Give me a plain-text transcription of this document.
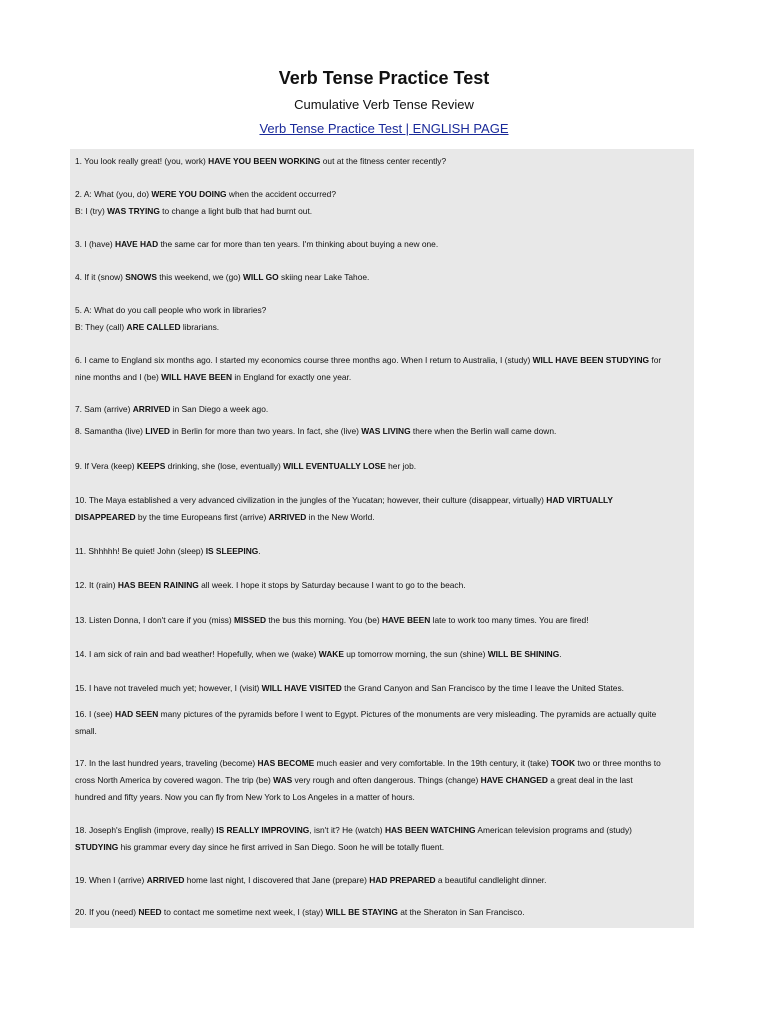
Verb Tense Practice Test

Cumulative Verb Tense Review

Verb Tense Practice Test | ENGLISH PAGE

1. You look really great! (you, work) HAVE YOU BEEN WORKING out at the fitness center recently?

2. A: What (you, do) WERE YOU DOING when the accident occurred?
B: I (try) WAS TRYING to change a light bulb that had burnt out.

3. I (have) HAVE HAD the same car for more than ten years. I'm thinking about buying a new one.

4. If it (snow) SNOWS this weekend, we (go) WILL GO skiing near Lake Tahoe.

5. A: What do you call people who work in libraries?
B: They (call) ARE CALLED librarians.

6. I came to England six months ago. I started my economics course three months ago. When I return to Australia, I (study) WILL HAVE BEEN STUDYING for
nine months and I (be) WILL HAVE BEEN in England for exactly one year.

7. Sam (arrive) ARRIVED in San Diego a week ago.

8. Samantha (live) LIVED in Berlin for more than two years. In fact, she (live) WAS LIVING there when the Berlin wall came down.

9. If Vera (keep) KEEPS drinking, she (lose, eventually) WILL EVENTUALLY LOSE her job.

10. The Maya established a very advanced civilization in the jungles of the Yucatan; however, their culture (disappear, virtually) HAD VIRTUALLY
DISAPPEARED by the time Europeans first (arrive) ARRIVED in the New World.

11. Shhhhh! Be quiet! John (sleep) IS SLEEPING.

12. It (rain) HAS BEEN RAINING all week. I hope it stops by Saturday because I want to go to the beach.

13. Listen Donna, I don't care if you (miss) MISSED the bus this morning. You (be) HAVE BEEN late to work too many times. You are fired!

14. I am sick of rain and bad weather! Hopefully, when we (wake) WAKE up tomorrow morning, the sun (shine) WILL BE SHINING.

15. I have not traveled much yet; however, I (visit) WILL HAVE VISITED the Grand Canyon and San Francisco by the time I leave the United States.

16. I (see) HAD SEEN many pictures of the pyramids before I went to Egypt. Pictures of the monuments are very misleading. The pyramids are actually quite
small.

17. In the last hundred years, traveling (become) HAS BECOME much easier and very comfortable. In the 19th century, it (take) TOOK two or three months to
cross North America by covered wagon. The trip (be) WAS very rough and often dangerous. Things (change) HAVE CHANGED a great deal in the last
hundred and fifty years. Now you can fly from New York to Los Angeles in a matter of hours.

18. Joseph's English (improve, really) IS REALLY IMPROVING, isn't it? He (watch) HAS BEEN WATCHING American television programs and (study)
STUDYING his grammar every day since he first arrived in San Diego. Soon he will be totally fluent.

19. When I (arrive) ARRIVED home last night, I discovered that Jane (prepare) HAD PREPARED a beautiful candlelight dinner.

20. If you (need) NEED to contact me sometime next week, I (stay) WILL BE STAYING at the Sheraton in San Francisco.
